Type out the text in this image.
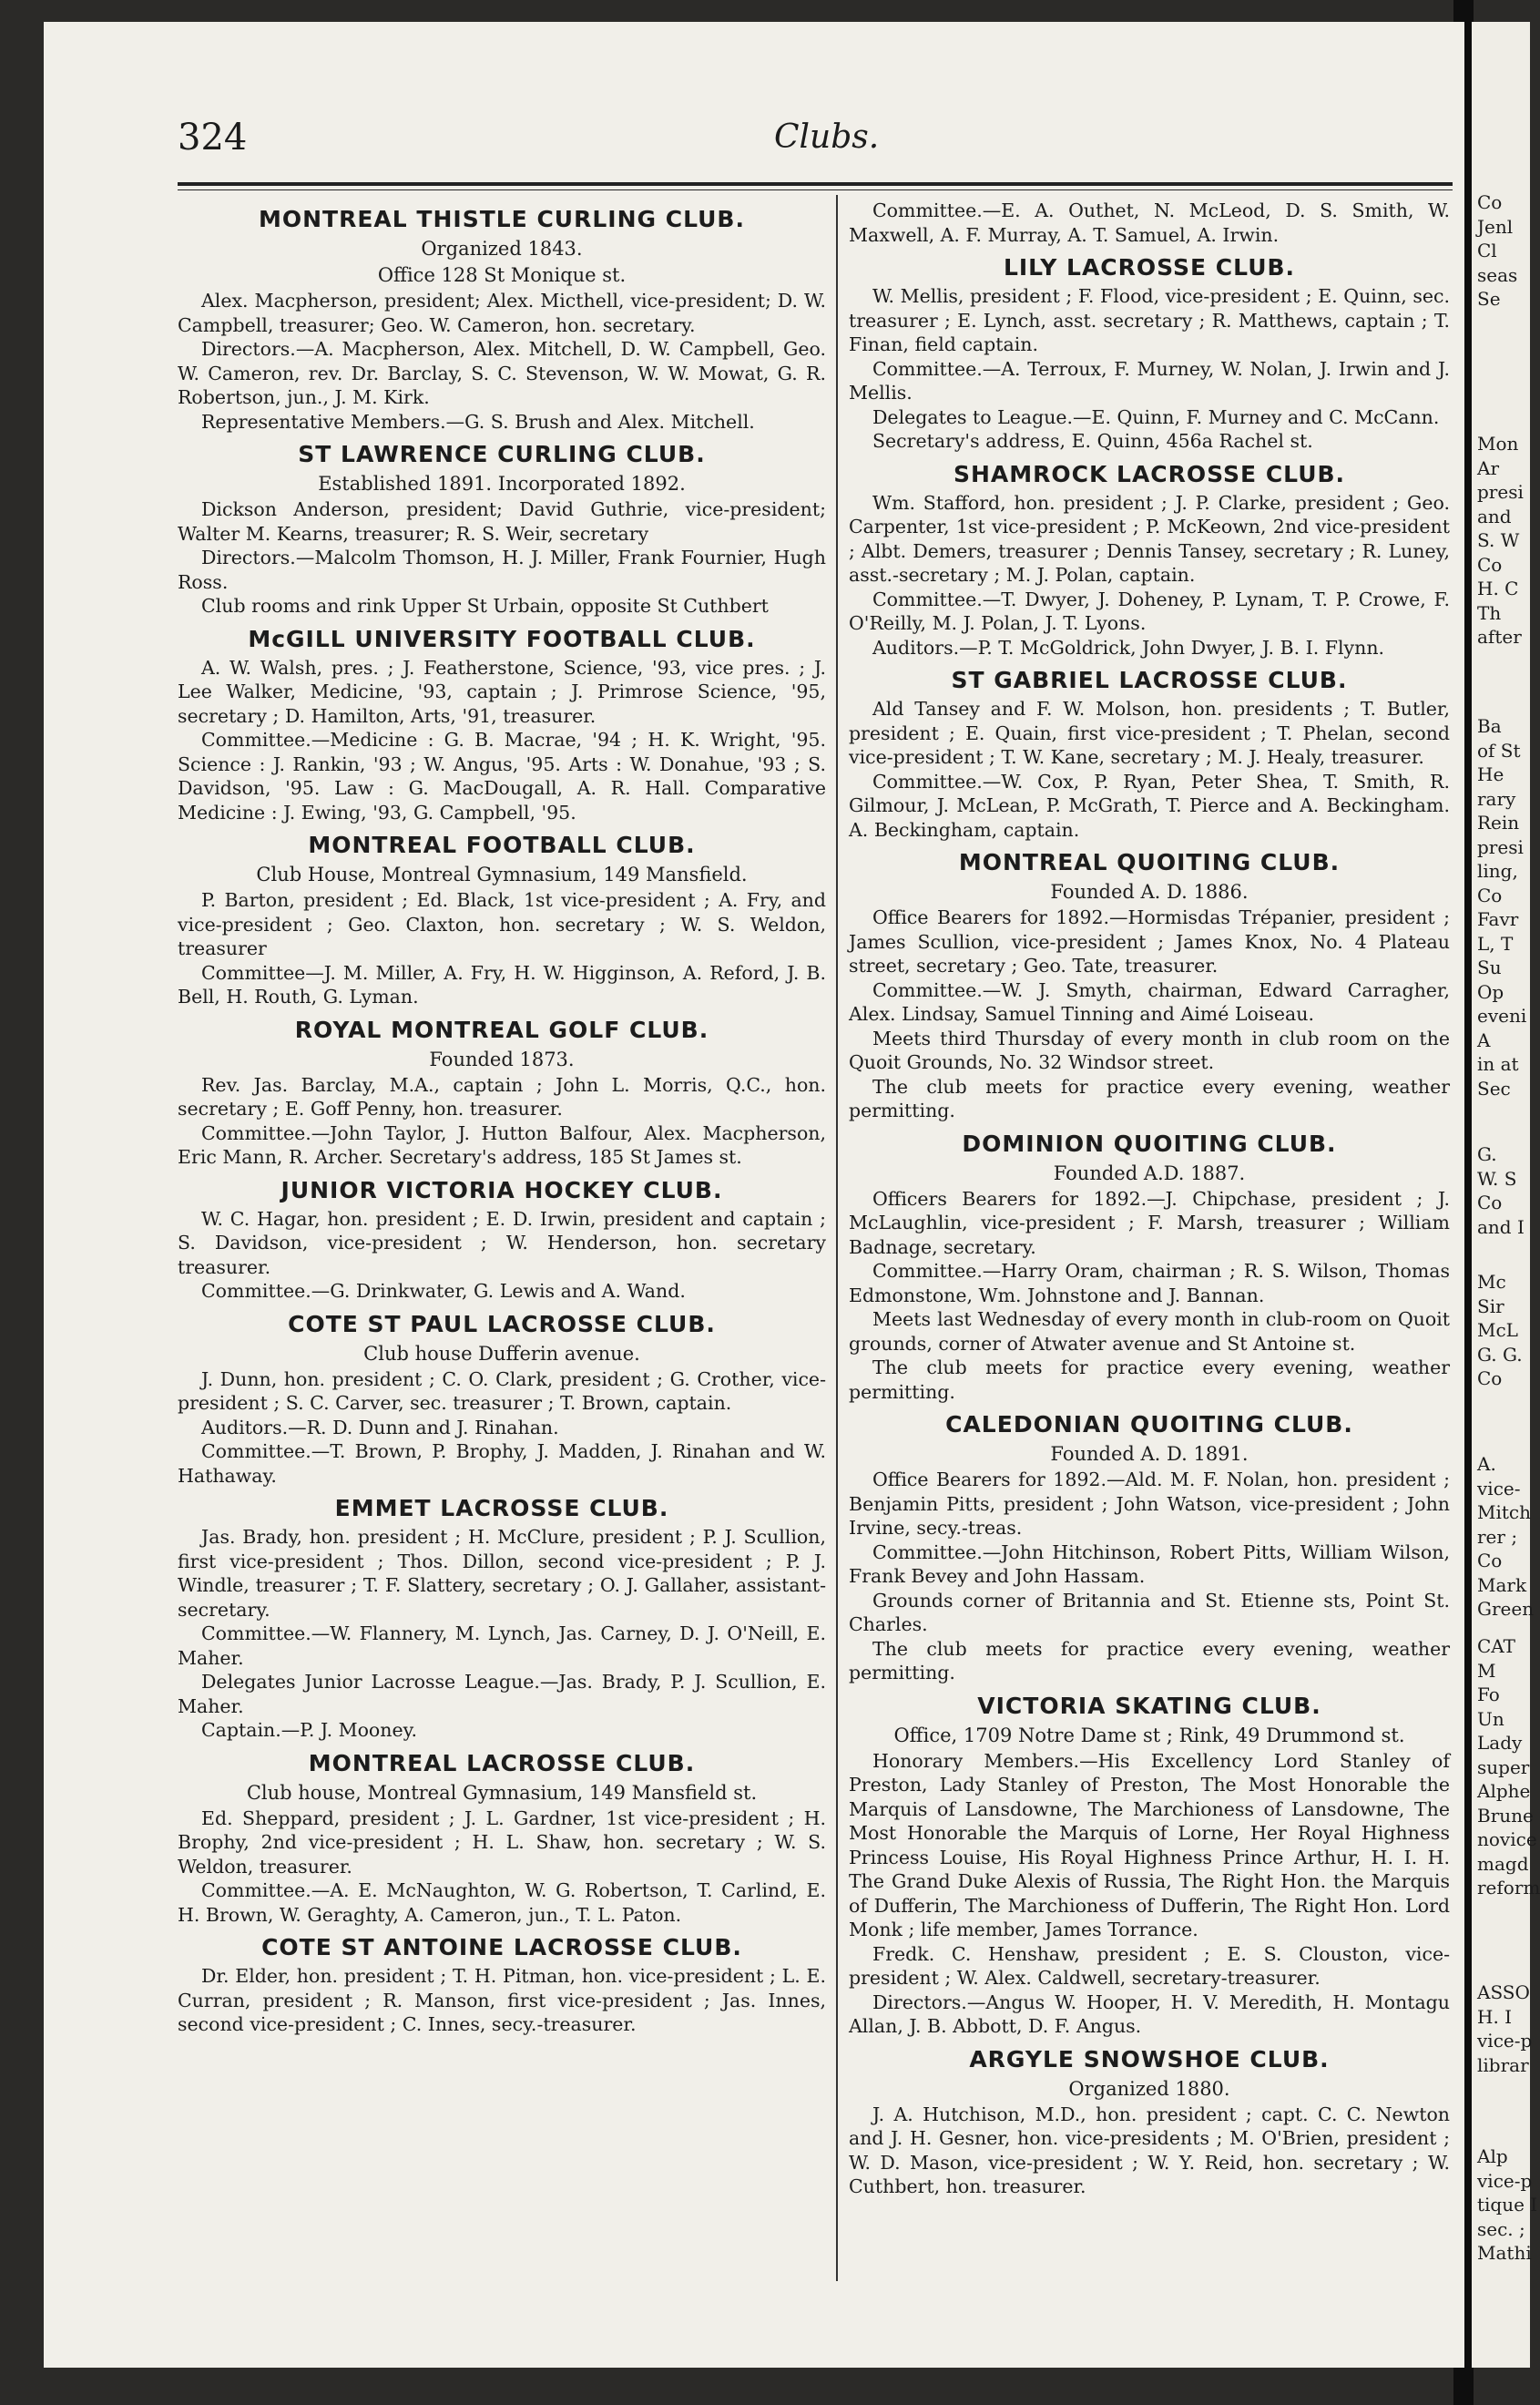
324	Clubs.
MONTREAL THISTLE CURLING CLUB.
Organized 1843.
Office 128 St Monique st.

Alex. Macpherson, president; Alex. Micthell, vice-president; D. W. Campbell, treasurer; Geo. W. Cameron, hon. secretary.

Directors.—A. Macpherson, Alex. Mitchell, D. W. Campbell, Geo. W. Cameron, rev. Dr. Barclay, S. C. Stevenson, W. W. Mowat, G. R. Robertson, jun., J. M. Kirk.

Representative Members.—G. S. Brush and Alex. Mitchell.

ST LAWRENCE CURLING CLUB.
Established 1891. Incorporated 1892.

Dickson Anderson, president; David Guthrie, vice-president; Walter M. Kearns, treasurer; R. S. Weir, secretary

Directors.—Malcolm Thomson, H. J. Miller, Frank Fournier, Hugh Ross.

Club rooms and rink Upper St Urbain, opposite St Cuthbert

McGILL UNIVERSITY FOOTBALL CLUB.

A. W. Walsh, pres. ; J. Featherstone, Science, '93, vice pres. ; J. Lee Walker, Medicine, '93, captain ; J. Primrose Science, '95, secretary ; D. Hamilton, Arts, '91, treasurer.

Committee.—Medicine : G. B. Macrae, '94 ; H. K. Wright, '95. Science : J. Rankin, '93 ; W. Angus, '95. Arts : W. Donahue, '93 ; S. Davidson, '95. Law : G. MacDougall, A. R. Hall. Comparative Medicine : J. Ewing, '93, G. Campbell, '95.

MONTREAL FOOTBALL CLUB.
Club House, Montreal Gymnasium, 149 Mansfield.

P. Barton, president ; Ed. Black, 1st vice-president ; A. Fry, and vice-president ; Geo. Claxton, hon. secretary ; W. S. Weldon, treasurer

Committee—J. M. Miller, A. Fry, H. W. Higginson, A. Reford, J. B. Bell, H. Routh, G. Lyman.

ROYAL MONTREAL GOLF CLUB.
Founded 1873.

Rev. Jas. Barclay, M.A., captain ; John L. Morris, Q.C., hon. secretary ; E. Goff Penny, hon. treasurer.

Committee.—John Taylor, J. Hutton Balfour, Alex. Macpherson, Eric Mann, R. Archer. Secretary's address, 185 St James st.

JUNIOR VICTORIA HOCKEY CLUB.

W. C. Hagar, hon. president ; E. D. Irwin, president and captain ; S. Davidson, vice-president ; W. Henderson, hon. secretary treasurer.

Committee.—G. Drinkwater, G. Lewis and A. Wand.

COTE ST PAUL LACROSSE CLUB.
Club house Dufferin avenue.

J. Dunn, hon. president ; C. O. Clark, president ; G. Crother, vice-president ; S. C. Carver, sec. treasurer ; T. Brown, captain.

Auditors.—R. D. Dunn and J. Rinahan.

Committee.—T. Brown, P. Brophy, J. Madden, J. Rinahan and W. Hathaway.

EMMET LACROSSE CLUB.

Jas. Brady, hon. president ; H. McClure, president ; P. J. Scullion, first vice-president ; Thos. Dillon, second vice-president ; P. J. Windle, treasurer ; T. F. Slattery, secretary ; O. J. Gallaher, assistant-secretary.

Committee.—W. Flannery, M. Lynch, Jas. Carney, D. J. O'Neill, E. Maher.

Delegates Junior Lacrosse League.—Jas. Brady, P. J. Scullion, E. Maher.

Captain.—P. J. Mooney.

MONTREAL LACROSSE CLUB.
Club house, Montreal Gymnasium, 149 Mansfield st.

Ed. Sheppard, president ; J. L. Gardner, 1st vice-president ; H. Brophy, 2nd vice-president ; H. L. Shaw, hon. secretary ; W. S. Weldon, treasurer.

Committee.—A. E. McNaughton, W. G. Robertson, T. Carlind, E. H. Brown, W. Geraghty, A. Cameron, jun., T. L. Paton.

COTE ST ANTOINE LACROSSE CLUB.

Dr. Elder, hon. president ; T. H. Pitman, hon. vice-president ; L. E. Curran, president ; R. Manson, first vice-president ; Jas. Innes, second vice-president ; C. Innes, secy.-treasurer.

Committee.—E. A. Outhet, N. McLeod, D. S. Smith, W. Maxwell, A. F. Murray, A. T. Samuel, A. Irwin.

LILY LACROSSE CLUB.

W. Mellis, president ; F. Flood, vice-president ; E. Quinn, sec. treasurer ; E. Lynch, asst. secretary ; R. Matthews, captain ; T. Finan, field captain.

Committee.—A. Terroux, F. Murney, W. Nolan, J. Irwin and J. Mellis.

Delegates to League.—E. Quinn, F. Murney and C. McCann.

Secretary's address, E. Quinn, 456a Rachel st.

SHAMROCK LACROSSE CLUB.

Wm. Stafford, hon. president ; J. P. Clarke, president ; Geo. Carpenter, 1st vice-president ; P. McKeown, 2nd vice-president ; Albt. Demers, treasurer ; Dennis Tansey, secretary ; R. Luney, asst.-secretary ; M. J. Polan, captain.

Committee.—T. Dwyer, J. Doheney, P. Lynam, T. P. Crowe, F. O'Reilly, M. J. Polan, J. T. Lyons.

Auditors.—P. T. McGoldrick, John Dwyer, J. B. I. Flynn.

ST GABRIEL LACROSSE CLUB.

Ald Tansey and F. W. Molson, hon. presidents ; T. Butler, president ; E. Quain, first vice-president ; T. Phelan, second vice-president ; T. W. Kane, secretary ; M. J. Healy, treasurer.

Committee.—W. Cox, P. Ryan, Peter Shea, T. Smith, R. Gilmour, J. McLean, P. McGrath, T. Pierce and A. Beckingham. A. Beckingham, captain.

MONTREAL QUOITING CLUB.
Founded A. D. 1886.

Office Bearers for 1892.—Hormisdas Trépanier, president ; James Scullion, vice-president ; James Knox, No. 4 Plateau street, secretary ; Geo. Tate, treasurer.

Committee.—W. J. Smyth, chairman, Edward Carragher, Alex. Lindsay, Samuel Tinning and Aimé Loiseau.

Meets third Thursday of every month in club room on the Quoit Grounds, No. 32 Windsor street.

The club meets for practice every evening, weather permitting.

DOMINION QUOITING CLUB.
Founded A.D. 1887.

Officers Bearers for 1892.—J. Chipchase, president ; J. McLaughlin, vice-president ; F. Marsh, treasurer ; William Badnage, secretary.

Committee.—Harry Oram, chairman ; R. S. Wilson, Thomas Edmonstone, Wm. Johnstone and J. Bannan.

Meets last Wednesday of every month in club-room on Quoit grounds, corner of Atwater avenue and St Antoine st.

The club meets for practice every evening, weather permitting.

CALEDONIAN QUOITING CLUB.
Founded A. D. 1891.

Office Bearers for 1892.—Ald. M. F. Nolan, hon. president ; Benjamin Pitts, president ; John Watson, vice-president ; John Irvine, secy.-treas.

Committee.—John Hitchinson, Robert Pitts, William Wilson, Frank Bevey and John Hassam.

Grounds corner of Britannia and St. Etienne sts, Point St. Charles.

The club meets for practice every evening, weather permitting.

VICTORIA SKATING CLUB.
Office, 1709 Notre Dame st ; Rink, 49 Drummond st.

Honorary Members.—His Excellency Lord Stanley of Preston, Lady Stanley of Preston, The Most Honorable the Marquis of Lansdowne, The Marchioness of Lansdowne, The Most Honorable the Marquis of Lorne, Her Royal Highness Princess Louise, His Royal Highness Prince Arthur, H. I. H. The Grand Duke Alexis of Russia, The Right Hon. the Marquis of Dufferin, The Marchioness of Dufferin, The Right Hon. Lord Monk ; life member, James Torrance.

Fredk. C. Henshaw, president ; E. S. Clouston, vice-president ; W. Alex. Caldwell, secretary-treasurer.

Directors.—Angus W. Hooper, H. V. Meredith, H. Montagu Allan, J. B. Abbott, D. F. Angus.

ARGYLE SNOWSHOE CLUB.
Organized 1880.

J. A. Hutchison, M.D., hon. president ; capt. C. C. Newton and J. H. Gesner, hon. vice-presidents ; M. O'Brien, president ; W. D. Mason, vice-president ; W. Y. Reid, hon. secretary ; W. Cuthbert, hon. treasurer.

Co
Jenl
Cl
seas
Se
Mon
Ar
presi
and
S. W
Co
H. C
Th
after
Ba
of St
He
rary
Rein
presi
ling,
Co
Favr
L, T
Su
Op
eveni
A
in at
Sec
G.
W. S
Co
and I
Mc
Sir
McL
G. G.
Co
A.
vice-
Mitch
rer ;
Co
Mark
Green
CAT
M
Fo
Un
Lady
super
Alphe
Brune
novice
magd
reform
ASSO
H. I
vice-p
librar
Alp
vice-p
tique I
sec. ;
Mathi
